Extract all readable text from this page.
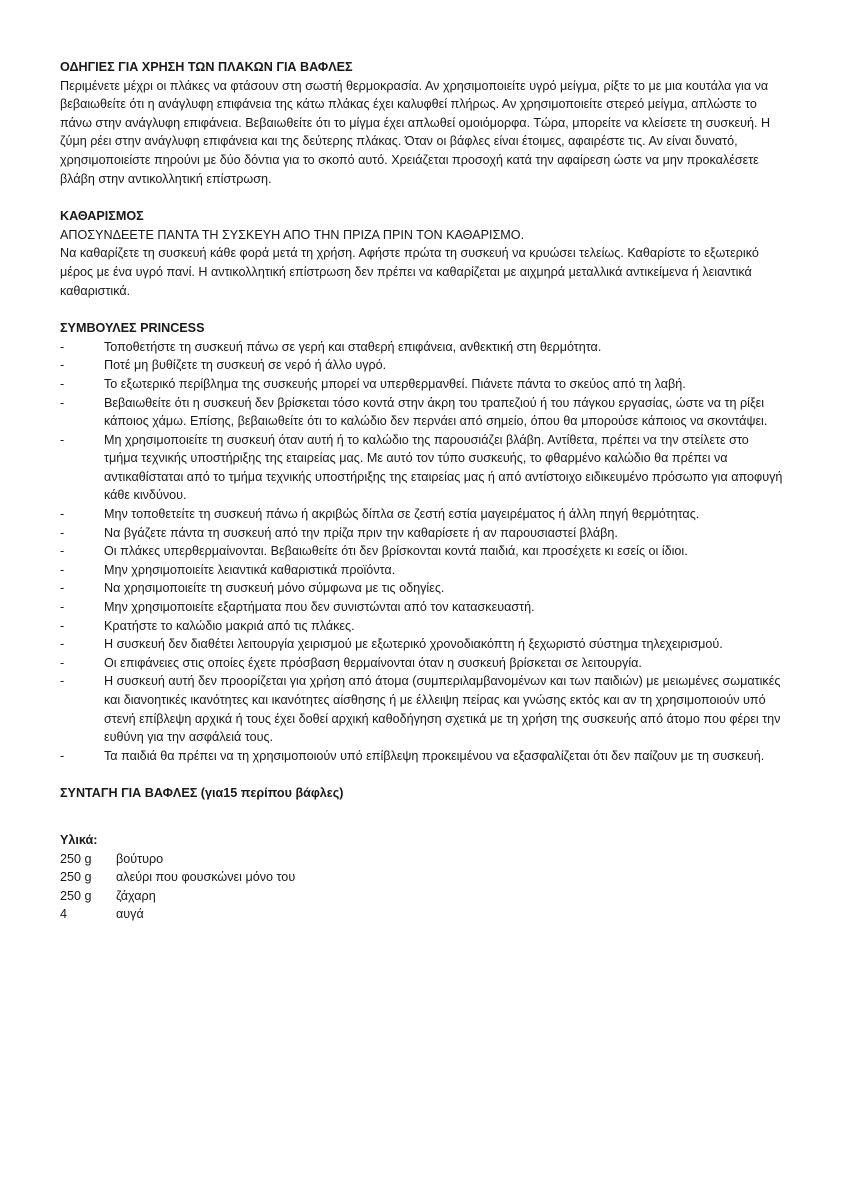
ΟΔΗΓΙΕΣ ΓΙΑ ΧΡΗΣΗ ΤΩΝ ΠΛΑΚΩΝ ΓΙΑ ΒΑΦΛΕΣ

Περιμένετε μέχρι οι πλάκες να φτάσουν στη σωστή θερμοκρασία. Αν χρησιμοποιείτε υγρό μείγμα, ρίξτε το με μια κουτάλα για να βεβαιωθείτε ότι η ανάγλυφη επιφάνεια της κάτω πλάκας έχει καλυφθεί πλήρως. Αν χρησιμοποιείτε στερεό μείγμα, απλώστε το πάνω στην ανάγλυφη επιφάνεια. Βεβαιωθείτε ότι το μίγμα έχει απλωθεί ομοιόμορφα. Τώρα, μπορείτε να κλείσετε τη συσκευή. Η ζύμη ρέει στην ανάγλυφη επιφάνεια και της δεύτερης πλάκας. Όταν οι βάφλες είναι έτοιμες, αφαιρέστε τις. Αν είναι δυνατό, χρησιμοποιείστε πηρούνι με δύο δόντια για το σκοπό αυτό. Χρειάζεται προσοχή κατά την αφαίρεση ώστε να μην προκαλέσετε βλάβη στην αντικολλητική επίστρωση.

ΚΑΘΑΡΙΣΜΟΣ

ΑΠΟΣΥΝΔΕΕΤΕ ΠΑΝΤΑ ΤΗ ΣΥΣΚΕΥΗ ΑΠΟ ΤΗΝ ΠΡΙΖΑ ΠΡΙΝ ΤΟΝ ΚΑΘΑΡΙΣΜΟ.

Να καθαρίζετε τη συσκευή κάθε φορά μετά τη χρήση. Αφήστε πρώτα τη συσκευή να κρυώσει τελείως. Καθαρίστε το εξωτερικό μέρος με ένα υγρό πανί. Η αντικολλητική επίστρωση δεν πρέπει να καθαρίζεται με αιχμηρά μεταλλικά αντικείμενα ή λειαντικά καθαριστικά.

ΣΥΜΒΟΥΛΕΣ PRINCESS

-	Τοποθετήστε τη συσκευή πάνω σε γερή και σταθερή επιφάνεια, ανθεκτική στη θερμότητα.
-	Ποτέ μη βυθίζετε τη συσκευή σε νερό ή άλλο υγρό.
-	Το εξωτερικό περίβλημα της συσκευής μπορεί να υπερθερμανθεί. Πιάνετε πάντα το σκεύος από τη λαβή.
-	Βεβαιωθείτε ότι η συσκευή δεν βρίσκεται τόσο κοντά στην άκρη του τραπεζιού ή του πάγκου εργασίας, ώστε να τη ρίξει κάποιος χάμω. Επίσης, βεβαιωθείτε ότι το καλώδιο δεν περνάει από σημείο, όπου θα μπορούσε κάποιος να σκοντάψει.
-	Μη χρησιμοποιείτε τη συσκευή όταν αυτή ή το καλώδιο της παρουσιάζει βλάβη. Αντίθετα, πρέπει να την στείλετε στο τμήμα τεχνικής υποστήριξης της εταιρείας μας. Με αυτό τον τύπο συσκευής, το φθαρμένο καλώδιο θα πρέπει να αντικαθίσταται από το τμήμα τεχνικής υποστήριξης της εταιρείας μας ή από αντίστοιχο ειδικευμένο πρόσωπο για αποφυγή κάθε κινδύνου.
-	Μην τοποθετείτε τη συσκευή πάνω ή ακριβώς δίπλα σε ζεστή εστία μαγειρέματος ή άλλη πηγή θερμότητας.
-	Να βγάζετε πάντα τη συσκευή από την πρίζα πριν την καθαρίσετε ή αν παρουσιαστεί βλάβη.
-	Οι πλάκες υπερθερμαίνονται. Βεβαιωθείτε ότι δεν βρίσκονται κοντά παιδιά, και προσέχετε κι εσείς οι ίδιοι.
-	Μην χρησιμοποιείτε λειαντικά καθαριστικά προϊόντα.
-	Να χρησιμοποιείτε τη συσκευή μόνο σύμφωνα με τις οδηγίες.
-	Μην χρησιμοποιείτε εξαρτήματα που δεν συνιστώνται από τον κατασκευαστή.
-	Κρατήστε το καλώδιο μακριά από τις πλάκες.
-	Η συσκευή δεν διαθέτει λειτουργία χειρισμού με εξωτερικό χρονοδιακόπτη ή ξεχωριστό σύστημα τηλεχειρισμού.
-	Οι επιφάνειες στις οποίες έχετε πρόσβαση θερμαίνονται όταν η συσκευή βρίσκεται σε λειτουργία.
-	Η συσκευή αυτή δεν προορίζεται για χρήση από άτομα (συμπεριλαμβανομένων και των παιδιών) με μειωμένες σωματικές και διανοητικές ικανότητες και ικανότητες αίσθησης ή με έλλειψη πείρας και γνώσης εκτός και αν τη χρησιμοποιούν υπό στενή επίβλεψη αρχικά ή τους έχει δοθεί αρχική καθοδήγηση σχετικά με τη χρήση της συσκευής από άτομο που φέρει την ευθύνη για την ασφάλειά τους.
-	Τα παιδιά θα πρέπει να τη χρησιμοποιούν υπό επίβλεψη προκειμένου να εξασφαλίζεται ότι δεν παίζουν με τη συσκευή.

ΣΥΝΤΑΓΗ ΓΙΑ ΒΑΦΛΕΣ (για15 περίπου βάφλες)

Υλικά:

250 g	βούτυρο
250 g	αλεύρι που φουσκώνει μόνο του
250 g	ζάχαρη
4	αυγά
